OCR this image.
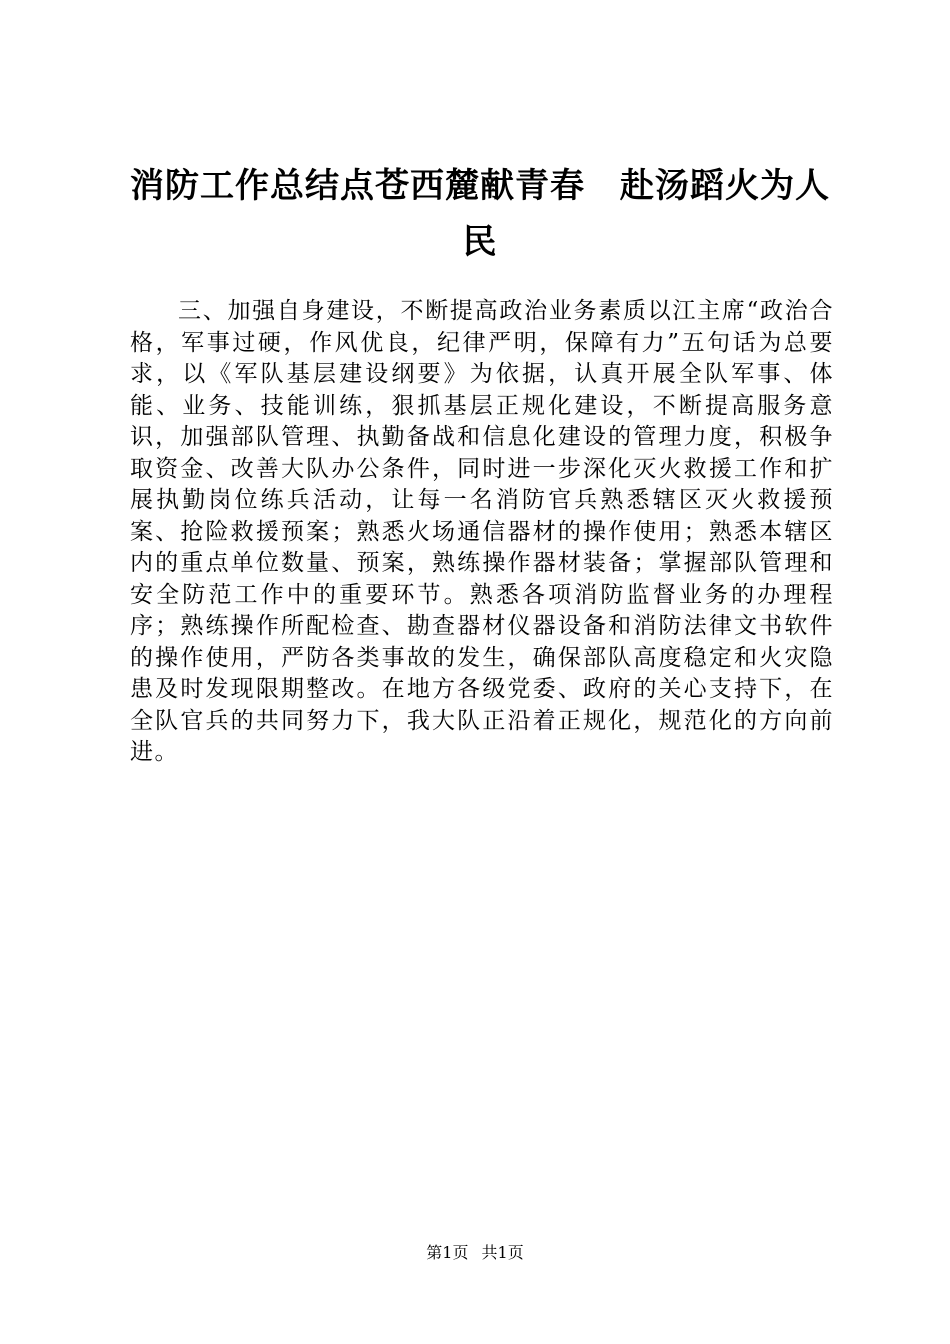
消防工作总结点苍西麓献青春　赴汤蹈火为人民

三、加强自身建设，不断提高政治业务素质以江主席“政治合格，军事过硬，作风优良，纪律严明，保障有力”五句话为总要求，以《军队基层建设纲要》为依据，认真开展全队军事、体能、业务、技能训练，狠抓基层正规化建设，不断提高服务意识，加强部队管理、执勤备战和信息化建设的管理力度，积极争取资金、改善大队办公条件，同时进一步深化灭火救援工作和扩展执勤岗位练兵活动，让每一名消防官兵熟悉辖区灭火救援预案、抢险救援预案；熟悉火场通信器材的操作使用；熟悉本辖区内的重点单位数量、预案，熟练操作器材装备；掌握部队管理和安全防范工作中的重要环节。熟悉各项消防监督业务的办理程序；熟练操作所配检查、勘查器材仪器设备和消防法律文书软件的操作使用，严防各类事故的发生，确保部队高度稳定和火灾隐患及时发现限期整改。在地方各级党委、政府的关心支持下，在全队官兵的共同努力下，我大队正沿着正规化，规范化的方向前进。

第1页 共1页
